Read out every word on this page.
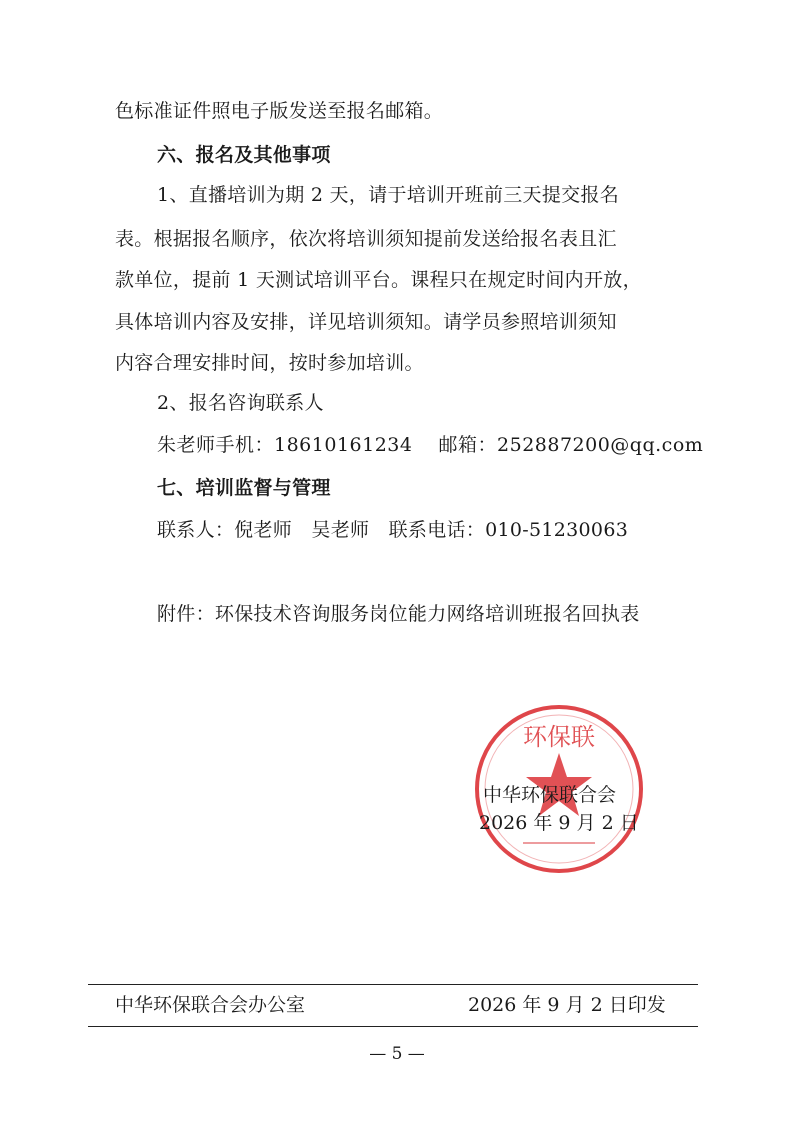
色标准证件照电子版发送至报名邮箱。
六、报名及其他事项
1、直播培训为期 2 天，请于培训开班前三天提交报名
表。根据报名顺序，依次将培训须知提前发送给报名表且汇
款单位，提前 1 天测试培训平台。课程只在规定时间内开放，
具体培训内容及安排，详见培训须知。请学员参照培训须知
内容合理安排时间，按时参加培训。
2、报名咨询联系人
朱老师手机：18610161234　 邮箱：252887200@qq.com
七、培训监督与管理
联系人：倪老师　吴老师　联系电话：010-51230063
附件：环保技术咨询服务岗位能力网络培训班报名回执表
环保联
中华环保联合会
2026 年 9 月 2 日
中华环保联合会办公室	2026 年 9 月 2 日印发
— 5 —
